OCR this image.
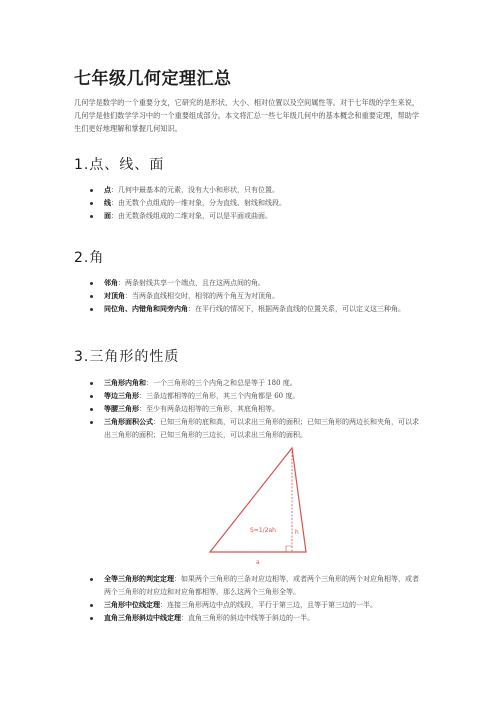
七年级几何定理汇总
几何学是数学的一个重要分支，它研究的是形状、大小、相对位置以及空间属性等。对于七年级的学生来说，几何学是他们数学学习中的一个重要组成部分。本文将汇总一些七年级几何中的基本概念和重要定理，帮助学生们更好地理解和掌握几何知识。
1.点、线、面
点：几何中最基本的元素，没有大小和形状，只有位置。
线：由无数个点组成的一维对象，分为直线、射线和线段。
面：由无数条线组成的二维对象，可以是平面或曲面。
2.角
邻角：两条射线共享一个端点，且在这两点间的角。
对顶角：当两条直线相交时，相邻的两个角互为对顶角。
同位角、内错角和同旁内角：在平行线的情况下，根据两条直线的位置关系，可以定义这三种角。
3.三角形的性质
三角形内角和：一个三角形的三个内角之和总是等于 180 度。
等边三角形：三条边都相等的三角形，其三个内角都是 60 度。
等腰三角形：至少有两条边相等的三角形，其底角相等。
三角形面积公式：已知三角形的底和高，可以求出三角形的面积；已知三角形的两边长和夹角，可以求出三角形的面积；已知三角形的三边长，可以求出三角形的面积。
S=1/2ah	h
a
全等三角形的判定定理：如果两个三角形的三条对应边相等，或者两个三角形的两个对应角相等，或者两个三角形的对应边和对应角都相等，那么这两个三角形全等。
三角形中位线定理：连接三角形两边中点的线段，平行于第三边，且等于第三边的一半。
直角三角形斜边中线定理：直角三角形的斜边中线等于斜边的一半。
